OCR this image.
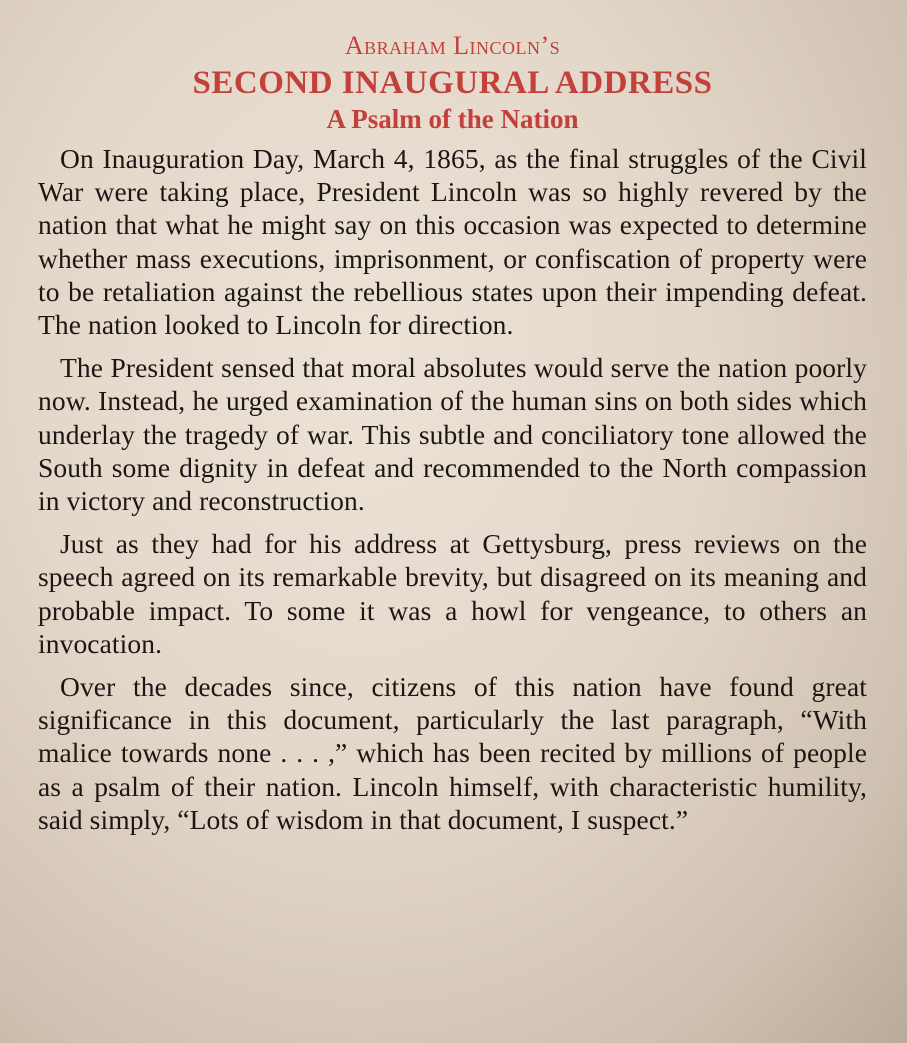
Abraham Lincoln’s
SECOND INAUGURAL ADDRESS
A Psalm of the Nation

On Inauguration Day, March 4, 1865, as the final struggles of the Civil War were taking place, President Lincoln was so highly revered by the nation that what he might say on this occasion was expected to determine whether mass executions, imprisonment, or confiscation of property were to be retaliation against the rebellious states upon their impending defeat. The nation looked to Lincoln for direction.

The President sensed that moral absolutes would serve the nation poorly now. Instead, he urged examination of the human sins on both sides which underlay the tragedy of war. This subtle and conciliatory tone allowed the South some dignity in defeat and recommended to the North compassion in victory and reconstruction.

Just as they had for his address at Gettysburg, press reviews on the speech agreed on its remarkable brevity, but disagreed on its meaning and probable impact. To some it was a howl for vengeance, to others an invocation.

Over the decades since, citizens of this nation have found great significance in this document, particularly the last paragraph, “With malice towards none . . . ,” which has been recited by millions of people as a psalm of their nation. Lincoln himself, with characteristic humility, said simply, “Lots of wisdom in that document, I suspect.”
